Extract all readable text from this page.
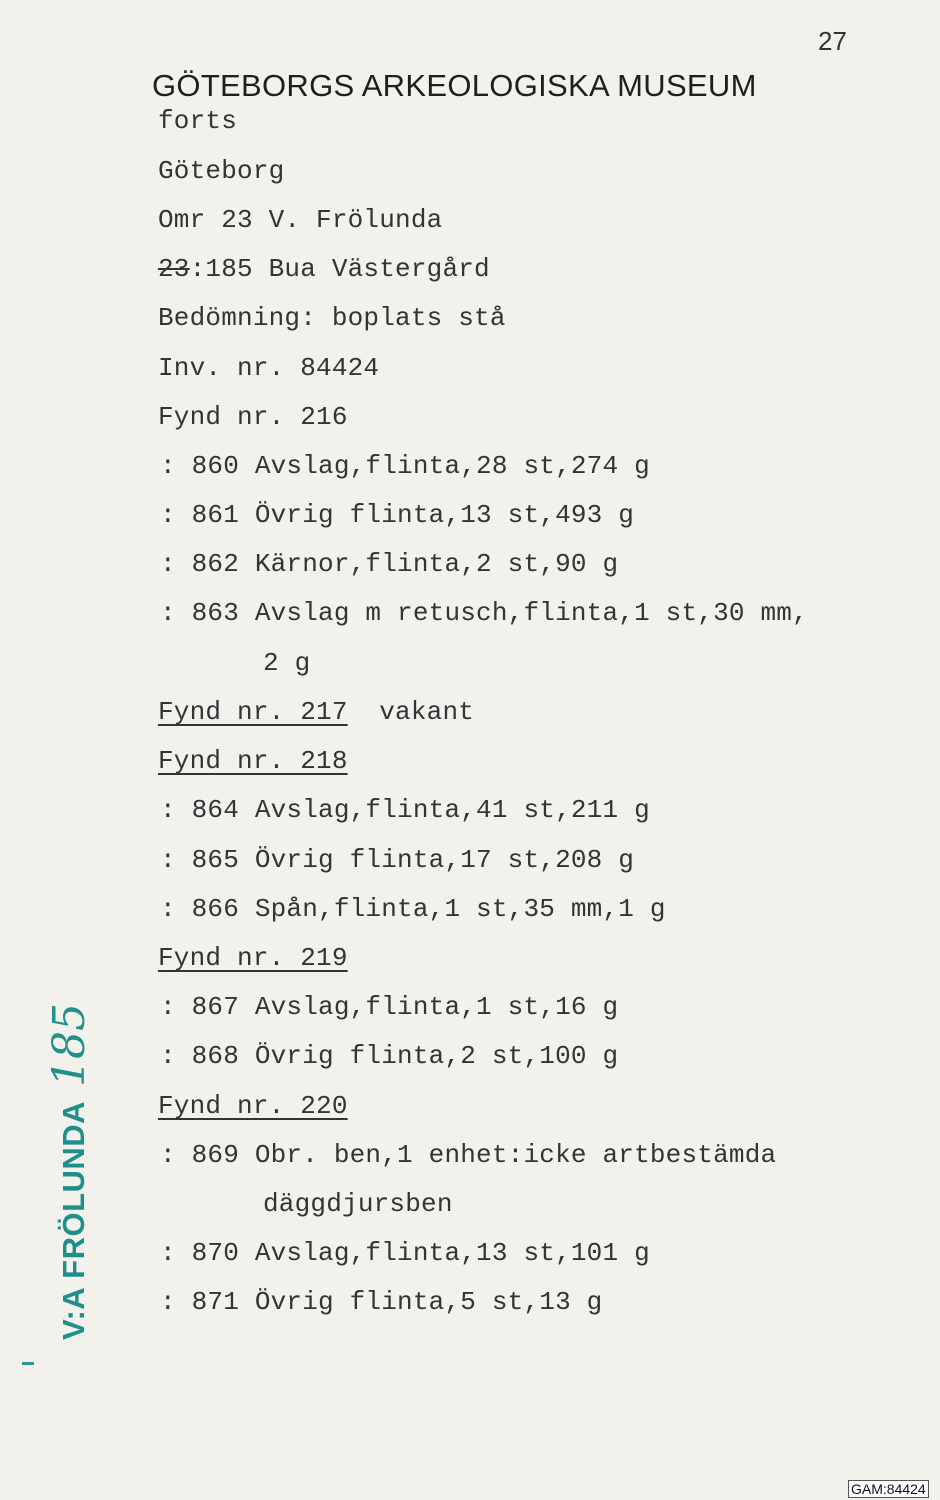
27
GÖTEBORGS ARKEOLOGISKA MUSEUM
forts
Göteborg
Omr 23 V. Frölunda
23:185 Bua Västergård
Bedömning: boplats stå
Inv. nr. 84424
Fynd nr. 216
: 860 Avslag,flinta,28 st,274 g
: 861 Övrig flinta,13 st,493 g
: 862 Kärnor,flinta,2 st,90 g
: 863 Avslag m retusch,flinta,1 st,30 mm,
2 g
Fynd nr. 217 vakant
Fynd nr. 218
: 864 Avslag,flinta,41 st,211 g
: 865 Övrig flinta,17 st,208 g
: 866 Spån,flinta,1 st,35 mm,1 g
Fynd nr. 219
: 867 Avslag,flinta,1 st,16 g
: 868 Övrig flinta,2 st,100 g
Fynd nr. 220
: 869 Obr. ben,1 enhet:icke artbestämda
däggdjursben
: 870 Avslag,flinta,13 st,101 g
: 871 Övrig flinta,5 st,13 g
V:A FRÖLUNDA185
GAM:84424
